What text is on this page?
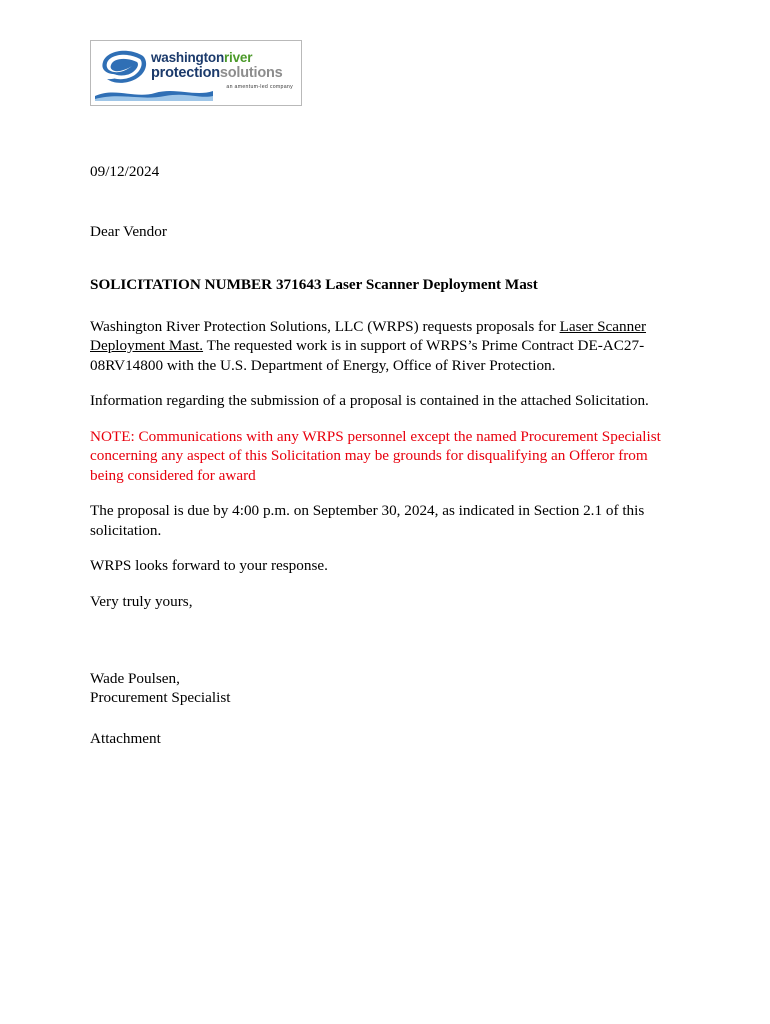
washingtonriver
protectionsolutions
an amentum-led company

09/12/2024

Dear Vendor

SOLICITATION NUMBER 371643 Laser Scanner Deployment Mast

Washington River Protection Solutions, LLC (WRPS) requests proposals for Laser Scanner Deployment Mast. The requested work is in support of WRPS’s Prime Contract DE-AC27-08RV14800 with the U.S. Department of Energy, Office of River Protection.

Information regarding the submission of a proposal is contained in the attached Solicitation.

NOTE: Communications with any WRPS personnel except the named Procurement Specialist concerning any aspect of this Solicitation may be grounds for disqualifying an Offeror from being considered for award

The proposal is due by 4:00 p.m. on September 30, 2024, as indicated in Section 2.1 of this solicitation.

WRPS looks forward to your response.

Very truly yours,

Wade Poulsen,

Procurement Specialist

Attachment
